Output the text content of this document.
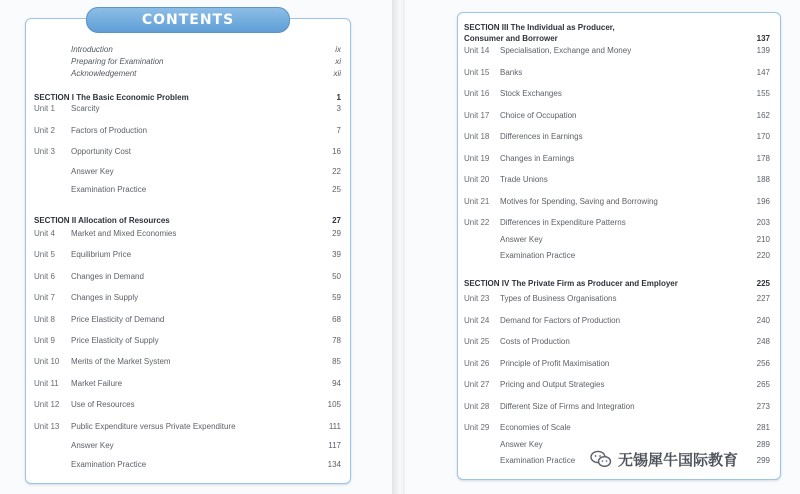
CONTENTS
Introduction	ix
Preparing for Examination	xi
Acknowledgement	xii
SECTION I The Basic Economic Problem	1
Unit 1 Scarcity	3
Unit 2 Factors of Production	7
Unit 3 Opportunity Cost	16
Answer Key	22
Examination Practice	25
SECTION II Allocation of Resources	27
Unit 4 Market and Mixed Economies	29
Unit 5 Equilibrium Price	39
Unit 6 Changes in Demand	50
Unit 7 Changes in Supply	59
Unit 8 Price Elasticity of Demand	68
Unit 9 Price Elasticity of Supply	78
Unit 10 Merits of the Market System	85
Unit 11 Market Failure	94
Unit 12 Use of Resources	105
Unit 13 Public Expenditure versus Private Expenditure	111
Answer Key	117
Examination Practice	134
SECTION III The Individual as Producer,
Consumer and Borrower	137
Unit 14 Specialisation, Exchange and Money	139
Unit 15 Banks	147
Unit 16 Stock Exchanges	155
Unit 17 Choice of Occupation	162
Unit 18 Differences in Earnings	170
Unit 19 Changes in Earnings	178
Unit 20 Trade Unions	188
Unit 21 Motives for Spending, Saving and Borrowing	196
Unit 22 Differences in Expenditure Patterns	203
Answer Key	210
Examination Practice	220
SECTION IV The Private Firm as Producer and Employer	225
Unit 23 Types of Business Organisations	227
Unit 24 Demand for Factors of Production	240
Unit 25 Costs of Production	248
Unit 26 Principle of Profit Maximisation	256
Unit 27 Pricing and Output Strategies	265
Unit 28 Different Size of Firms and Integration	273
Unit 29 Economies of Scale	281
Answer Key	289
Examination Practice	299
无锡犀牛国际教育
